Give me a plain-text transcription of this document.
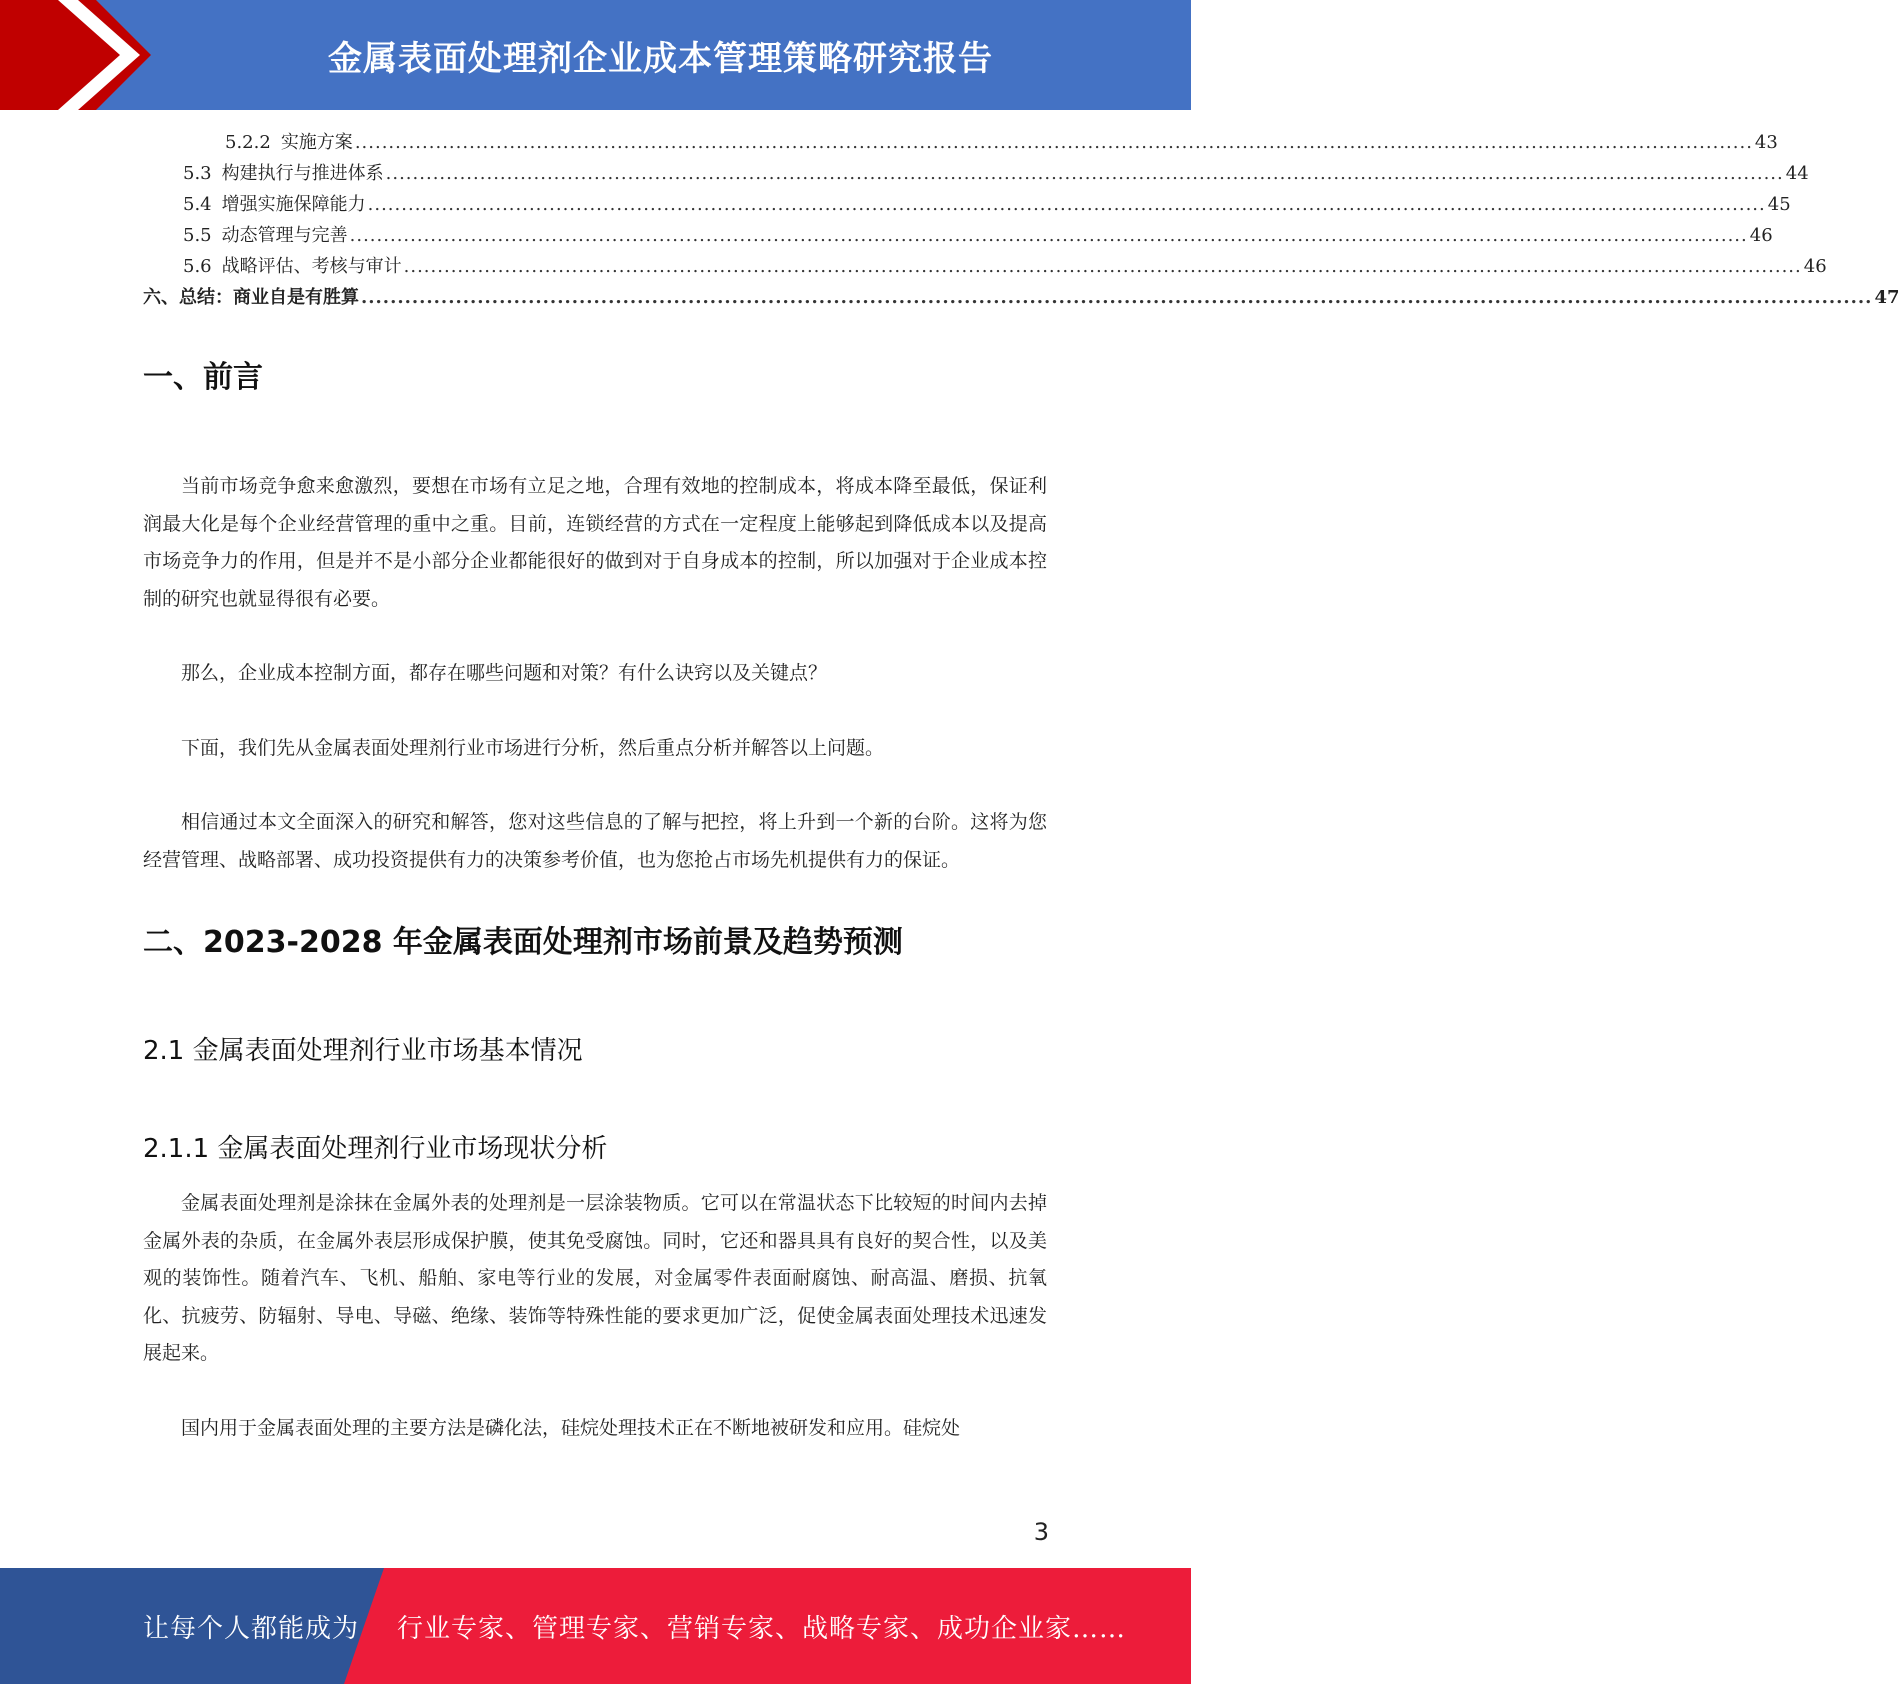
金属表面处理剂企业成本管理策略研究报告
5.2.2 实施方案 ................................................................................................................................................................................................................ 43
5.3 构建执行与推进体系 ................................................................................................................................................................................................................ 44
5.4 增强实施保障能力 ................................................................................................................................................................................................................ 45
5.5 动态管理与完善 ................................................................................................................................................................................................................ 46
5.6 战略评估、考核与审计 ................................................................................................................................................................................................................ 46
六、总结：商业自是有胜算 ................................................................................................................................................................................................................ 47
一、前言

当前市场竞争愈来愈激烈，要想在市场有立足之地，合理有效地的控制成本，将成本降至最低，保证利润最大化是每个企业经营管理的重中之重。目前，连锁经营的方式在一定程度上能够起到降低成本以及提高市场竞争力的作用，但是并不是小部分企业都能很好的做到对于自身成本的控制，所以加强对于企业成本控制的研究也就显得很有必要。

那么，企业成本控制方面，都存在哪些问题和对策？有什么诀窍以及关键点？

下面，我们先从金属表面处理剂行业市场进行分析，然后重点分析并解答以上问题。

相信通过本文全面深入的研究和解答，您对这些信息的了解与把控，将上升到一个新的台阶。这将为您经营管理、战略部署、成功投资提供有力的决策参考价值，也为您抢占市场先机提供有力的保证。

二、2023-2028 年金属表面处理剂市场前景及趋势预测
2.1 金属表面处理剂行业市场基本情况
2.1.1 金属表面处理剂行业市场现状分析

金属表面处理剂是涂抹在金属外表的处理剂是一层涂装物质。它可以在常温状态下比较短的时间内去掉金属外表的杂质，在金属外表层形成保护膜，使其免受腐蚀。同时，它还和器具具有良好的契合性，以及美观的装饰性。随着汽车、飞机、船舶、家电等行业的发展，对金属零件表面耐腐蚀、耐高温、磨损、抗氧化、抗疲劳、防辐射、导电、导磁、绝缘、装饰等特殊性能的要求更加广泛，促使金属表面处理技术迅速发展起来。

国内用于金属表面处理的主要方法是磷化法，硅烷处理技术正在不断地被研发和应用。硅烷处

3
让每个人都能成为 行业专家、管理专家、营销专家、战略专家、成功企业家……
